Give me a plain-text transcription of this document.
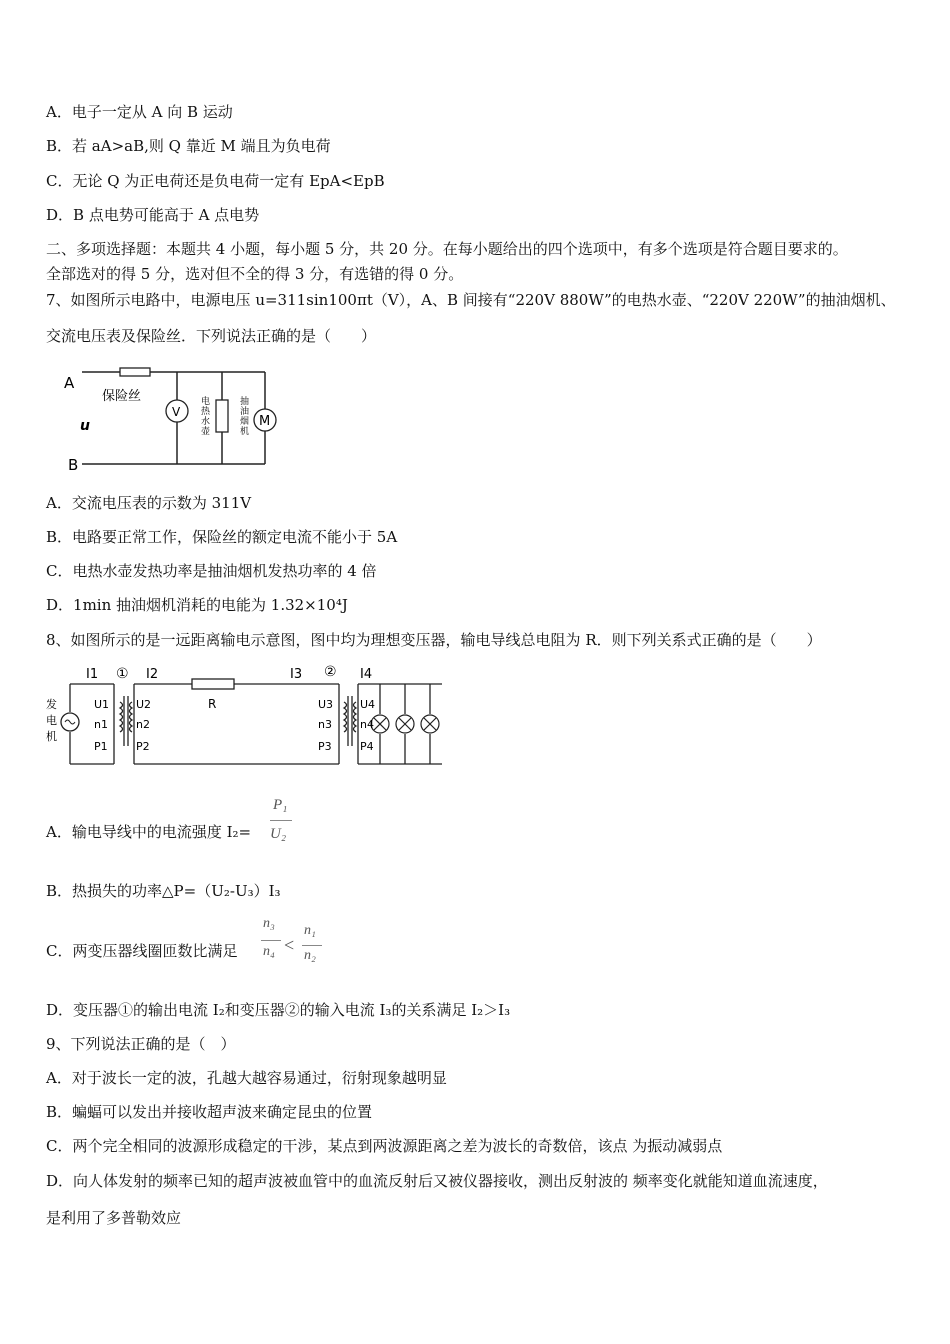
A．电子一定从 A 向 B 运动
B．若 aA>aB,则 Q 靠近 M 端且为负电荷
C．无论 Q 为正电荷还是负电荷一定有 EpA<EpB
D．B 点电势可能高于 A 点电势
二、多项选择题：本题共 4 小题，每小题 5 分，共 20 分。在每小题给出的四个选项中，有多个选项是符合题目要求的。
全部选对的得 5 分，选对但不全的得 3 分，有选错的得 0 分。
7、如图所示电路中，电源电压 u=311sin100πt（V），A、B 间接有“220V 880W”的电热水壶、“220V 220W”的抽油烟机、
交流电压表及保险丝．下列说法正确的是（　　）
A
B
u
保险丝
V
M
电
热
水
壶
抽
油
烟
机
A．交流电压表的示数为 311V
B．电路要正常工作，保险丝的额定电流不能小于 5A
C．电热水壶发热功率是抽油烟机发热功率的 4 倍
D．1min 抽油烟机消耗的电能为 1.32×10⁴J
8、如图所示的是一远距离输电示意图，图中均为理想变压器，输电导线总电阻为 R．则下列关系式正确的是（　　）
发
电
机
I1 ① I2
R
I3 ② I4
U1
n1
P1
U2
n2
P2
U3
n3
P3
U4
n4
P4
A．输电导线中的电流强度 I₂=
P₁
U₂
B．热损失的功率△P=（U₂-U₃）I₃
C．两变压器线圈匝数比满足
n₃
n₄ <
n₁
n₂
D．变压器①的输出电流 I₂和变压器②的输入电流 I₃的关系满足 I₂＞I₃
9、下列说法正确的是（　）
A．对于波长一定的波，孔越大越容易通过，衍射现象越明显
B．蝙蝠可以发出并接收超声波来确定昆虫的位置
C．两个完全相同的波源形成稳定的干涉，某点到两波源距离之差为波长的奇数倍，该点 为振动减弱点
D．向人体发射的频率已知的超声波被血管中的血流反射后又被仪器接收，测出反射波的 频率变化就能知道血流速度，
是利用了多普勒效应
